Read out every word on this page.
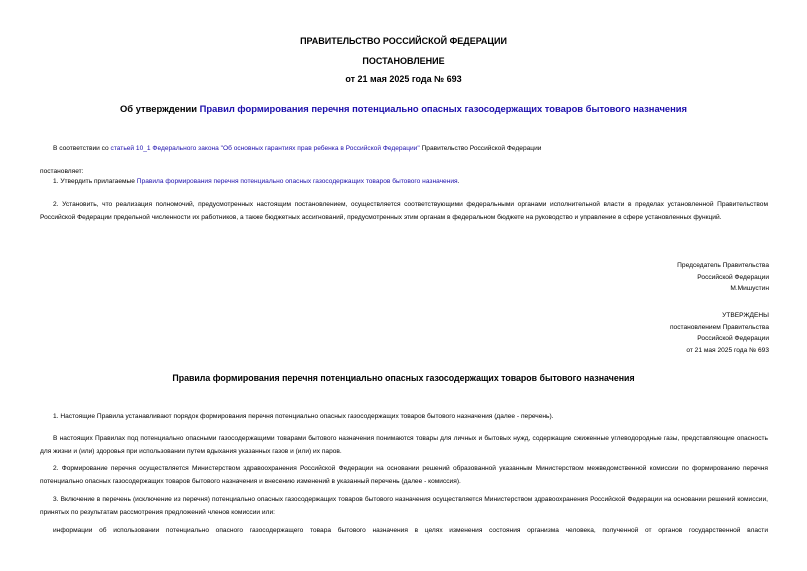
ПРАВИТЕЛЬСТВО РОССИЙСКОЙ ФЕДЕРАЦИИ
ПОСТАНОВЛЕНИЕ
от 21 мая 2025 года № 693
Об утверждении Правил формирования перечня потенциально опасных газосодержащих товаров бытового назначения
В соответствии со статьей 10_1 Федерального закона "Об основных гарантиях прав ребенка в Российской Федерации" Правительство Российской Федерации
постановляет:
1. Утвердить прилагаемые Правила формирования перечня потенциально опасных газосодержащих товаров бытового назначения.

2. Установить, что реализация полномочий, предусмотренных настоящим постановлением, осуществляется соответствующими федеральными органами исполнительной власти в пределах установленной Правительством Российской Федерации предельной численности их работников, а также бюджетных ассигнований, предусмотренных этим органам в федеральном бюджете на руководство и управление в сфере установленных функций.

Председатель Правительства
Российской Федерации
М.Мишустин
УТВЕРЖДЕНЫ
постановлением Правительства
Российской Федерации
от 21 мая 2025 года № 693
Правила формирования перечня потенциально опасных газосодержащих товаров бытового назначения
1. Настоящие Правила устанавливают порядок формирования перечня потенциально опасных газосодержащих товаров бытового назначения (далее - перечень).

В настоящих Правилах под потенциально опасными газосодержащими товарами бытового назначения понимаются товары для личных и бытовых нужд, содержащие сжиженные углеводородные газы, представляющие опасность для жизни и (или) здоровья при использовании путем вдыхания указанных газов и (или) их паров.

2. Формирование перечня осуществляется Министерством здравоохранения Российской Федерации на основании решений образованной указанным Министерством межведомственной комиссии по формированию перечня потенциально опасных газосодержащих товаров бытового назначения и внесению изменений в указанный перечень (далее - комиссия).

3. Включение в перечень (исключение из перечня) потенциально опасных газосодержащих товаров бытового назначения осуществляется Министерством здравоохранения Российской Федерации на основании решений комиссии, принятых по результатам рассмотрения предложений членов комиссии или:

информации об использовании потенциально опасного газосодержащего товара бытового назначения в целях изменения состояния организма человека, полученной от органов государственной власти
